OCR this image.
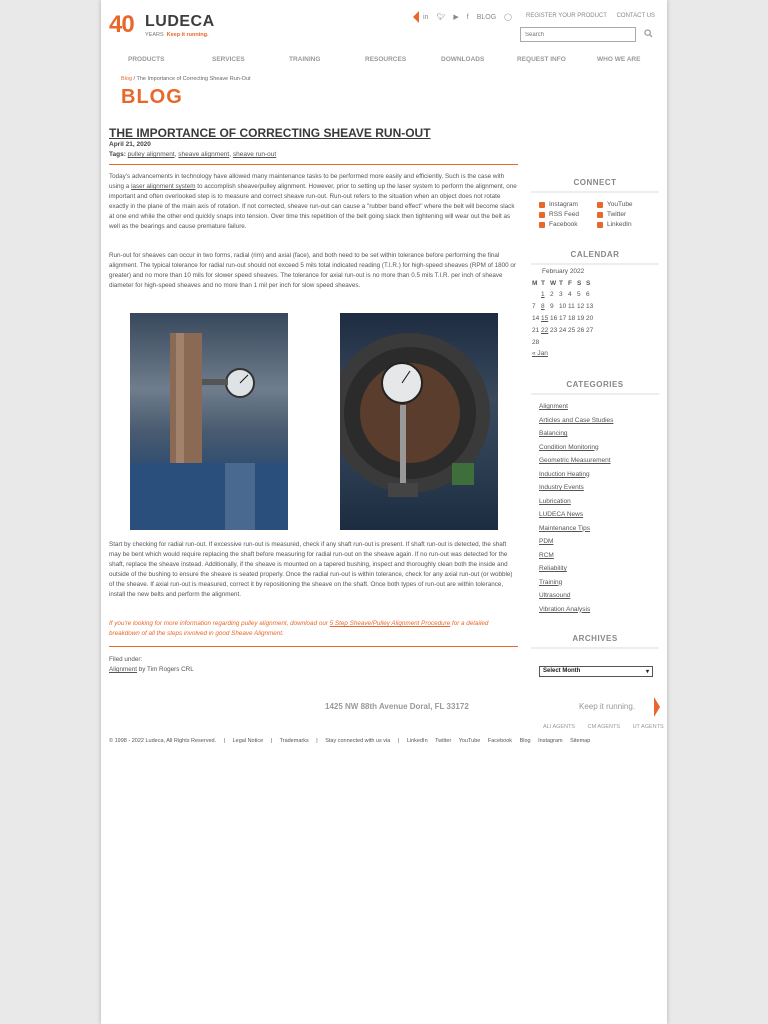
40 LUDECA
YEARS Keep it running.
in 🐦︎ ▶ f BLOG ◯ REGISTER YOUR PRODUCT CONTACT US
Search
PRODUCTS	SERVICES	TRAINING	RESOURCES	DOWNLOADS	REQUEST INFO	WHO WE ARE
Blog / The Importance of Correcting Sheave Run-Out
BLOG
THE IMPORTANCE OF CORRECTING SHEAVE RUN-OUT
April 21, 2020
Tags: pulley alignment, sheave alignment, sheave run-out
Today's advancements in technology have allowed many maintenance tasks to be performed more easily and efficiently. Such is the case with using a laser alignment system to accomplish sheave/pulley alignment. However, prior to setting up the laser system to perform the alignment, one important and often overlooked step is to measure and correct sheave run-out. Run-out refers to the situation when an object does not rotate exactly in the plane of the main axis of rotation. If not corrected, sheave run-out can cause a "rubber band effect" where the belt will become slack at one end while the other end quickly snaps into tension. Over time this repetition of the belt going slack then tightening will wear out the belt as well as the bearings and cause premature failure.
Run-out for sheaves can occur in two forms, radial (rim) and axial (face), and both need to be set within tolerance before performing the final alignment. The typical tolerance for radial run-out should not exceed 5 mils total indicated reading (T.I.R.) for high-speed sheaves (RPM of 1800 or greater) and no more than 10 mils for slower speed sheaves. The tolerance for axial run-out is no more than 0.5 mils T.I.R. per inch of sheave diameter for high-speed sheaves and no more than 1 mil per inch for slow speed sheaves.
Start by checking for radial run-out. If excessive run-out is measured, check if any shaft run-out is present. If shaft run-out is detected, the shaft may be bent which would require replacing the shaft before measuring for radial run-out on the sheave again. If no run-out was detected for the shaft, replace the sheave instead. Additionally, if the sheave is mounted on a tapered bushing, inspect and thoroughly clean both the inside and outside of the bushing to ensure the sheave is seated properly. Once the radial run-out is within tolerance, check for any axial run-out (or wobble) of the sheave. If axial run-out is measured, correct it by repositioning the sheave on the shaft. Once both types of run-out are within tolerance, install the new belts and perform the alignment.
If you're looking for more information regarding pulley alignment, download our 5 Step Sheave/Pulley Alignment Procedure for a detailed breakdown of all the steps involved in good Sheave Alignment.
Filed under:
Alignment by Tim Rogers CRL
CONNECT
Instagram	YouTube
RSS Feed	Twitter
Facebook	LinkedIn
CALENDAR
February 2022
M	T	W	T	F	S	S
	1	2	3	4	5	6
7	8	9	10	11	12	13
14	15	16	17	18	19	20
21	22	23	24	25	26	27
28						
« Jan
CATEGORIES
Alignment
Articles and Case Studies
Balancing
Condition Monitoring
Geometric Measurement
Induction Heating
Industry Events
Lubrication
LUDECA News
Maintenance Tips
PDM
RCM
Reliability
Training
Ultrasound
Vibration Analysis
ARCHIVES
Select Month	▾
1425 NW 88th Avenue Doral, FL 33172	Keep it running.
ALI AGENTS CM AGENTS UT AGENTS
© 1998 - 2022 Ludeca, All Rights Reserved. | Legal Notice | Trademarks | Stay connected with us via | LinkedIn Twitter YouTube Facebook Blog Instagram Sitemap
